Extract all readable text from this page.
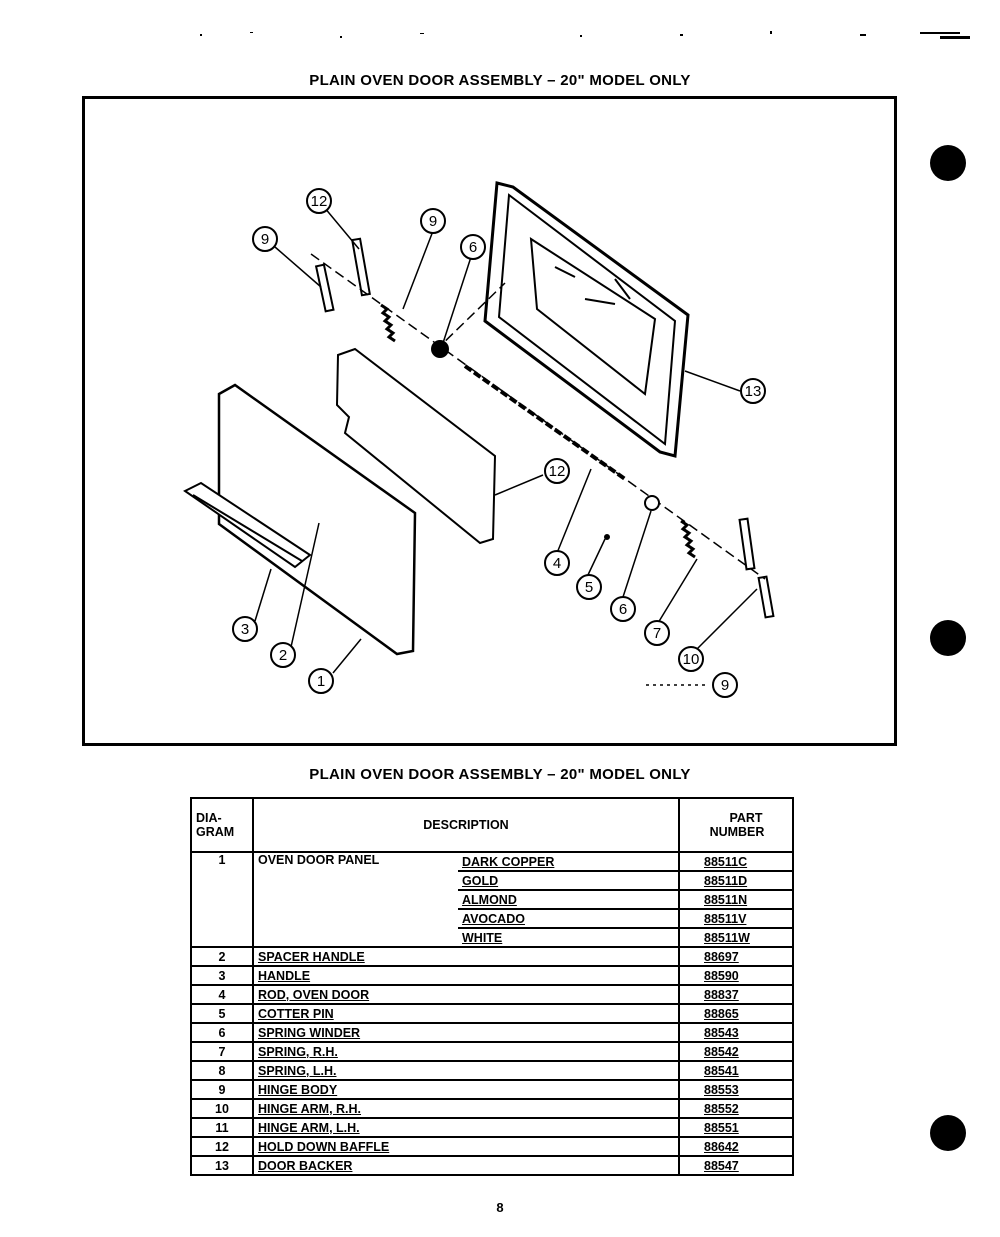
PLAIN OVEN DOOR ASSEMBLY – 20" MODEL ONLY
12
9
6
9
13
12
4
5
6
7
10
9
3
2
1
PLAIN OVEN DOOR ASSEMBLY – 20" MODEL ONLY
DIA-
GRAM	DESCRIPTION		PART
NUMBER
1	OVEN DOOR PANEL	DARK COPPER	88511C
		GOLD	88511D
		ALMOND	88511N
		AVOCADO	88511V
		WHITE	88511W
2	SPACER HANDLE		88697
3	HANDLE		88590
4	ROD, OVEN DOOR		88837
5	COTTER PIN		88865
6	SPRING WINDER		88543
7	SPRING, R.H.		88542
8	SPRING, L.H.		88541
9	HINGE BODY		88553
10	HINGE ARM, R.H.		88552
11	HINGE ARM, L.H.		88551
12	HOLD DOWN BAFFLE		88642
13	DOOR BACKER		88547
8
